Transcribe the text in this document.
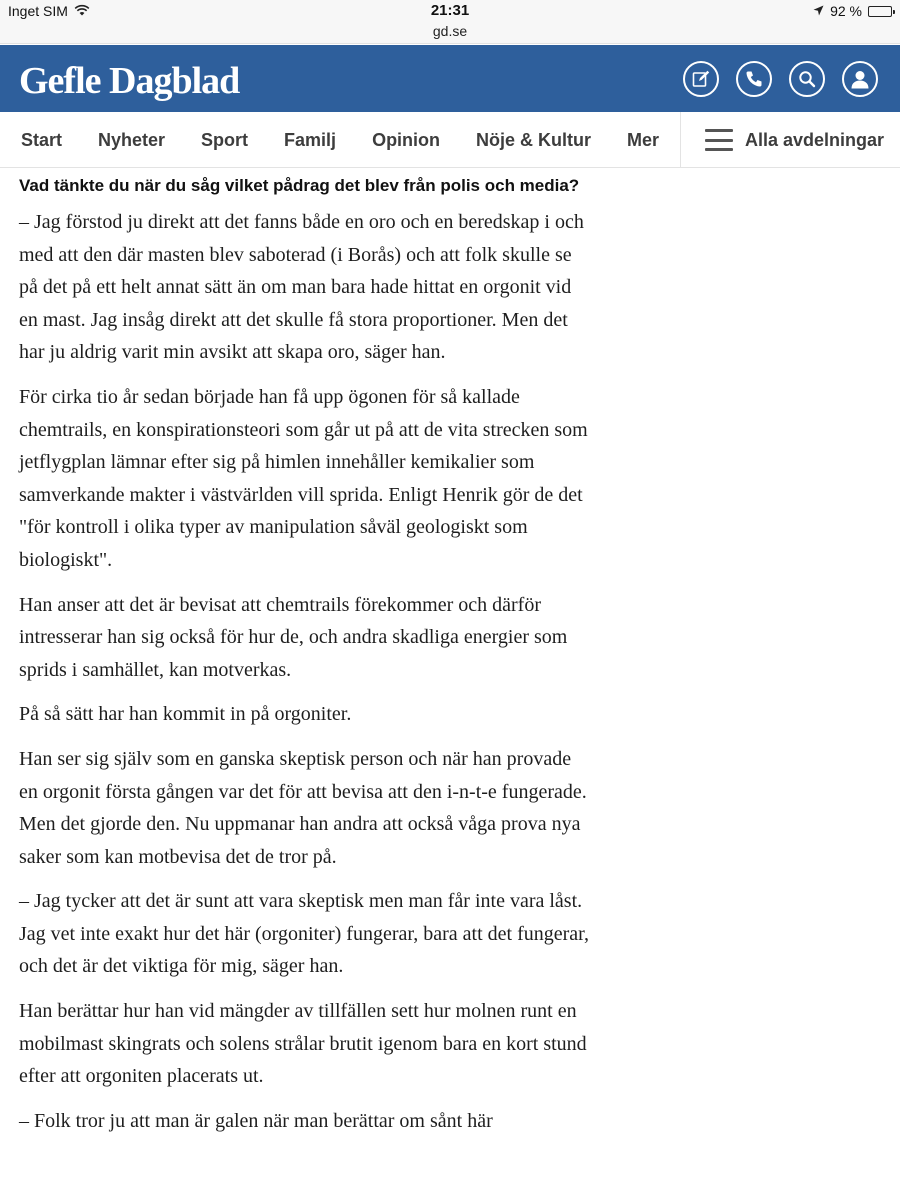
Inget SIM	21:31
gd.se
92 %
Gefle Dagblad
Start Nyheter Sport Familj Opinion Nöje & Kultur Mer	Alla avdelningar
Vad tänkte du när du såg vilket pådrag det blev från polis och media?

– Jag förstod ju direkt att det fanns både en oro och en beredskap i och med att den där masten blev saboterad (i Borås) och att folk skulle se på det på ett helt annat sätt än om man bara hade hittat en orgonit vid en mast. Jag insåg direkt att det skulle få stora proportioner. Men det har ju aldrig varit min avsikt att skapa oro, säger han.

För cirka tio år sedan började han få upp ögonen för så kallade chemtrails, en konspirationsteori som går ut på att de vita strecken som jetflygplan lämnar efter sig på himlen innehåller kemikalier som samverkande makter i västvärlden vill sprida. Enligt Henrik gör de det "för kontroll i olika typer av manipulation såväl geologiskt som biologiskt".

Han anser att det är bevisat att chemtrails förekommer och därför intresserar han sig också för hur de, och andra skadliga energier som sprids i samhället, kan motverkas.

På så sätt har han kommit in på orgoniter.

Han ser sig själv som en ganska skeptisk person och när han provade en orgonit första gången var det för att bevisa att den i-n-t-e fungerade. Men det gjorde den. Nu uppmanar han andra att också våga prova nya saker som kan motbevisa det de tror på.

– Jag tycker att det är sunt att vara skeptisk men man får inte vara låst. Jag vet inte exakt hur det här (orgoniter) fungerar, bara att det fungerar, och det är det viktiga för mig, säger han.

Han berättar hur han vid mängder av tillfällen sett hur molnen runt en mobilmast skingrats och solens strålar brutit igenom bara en kort stund efter att orgoniten placerats ut.

– Folk tror ju att man är galen när man berättar om sånt här
